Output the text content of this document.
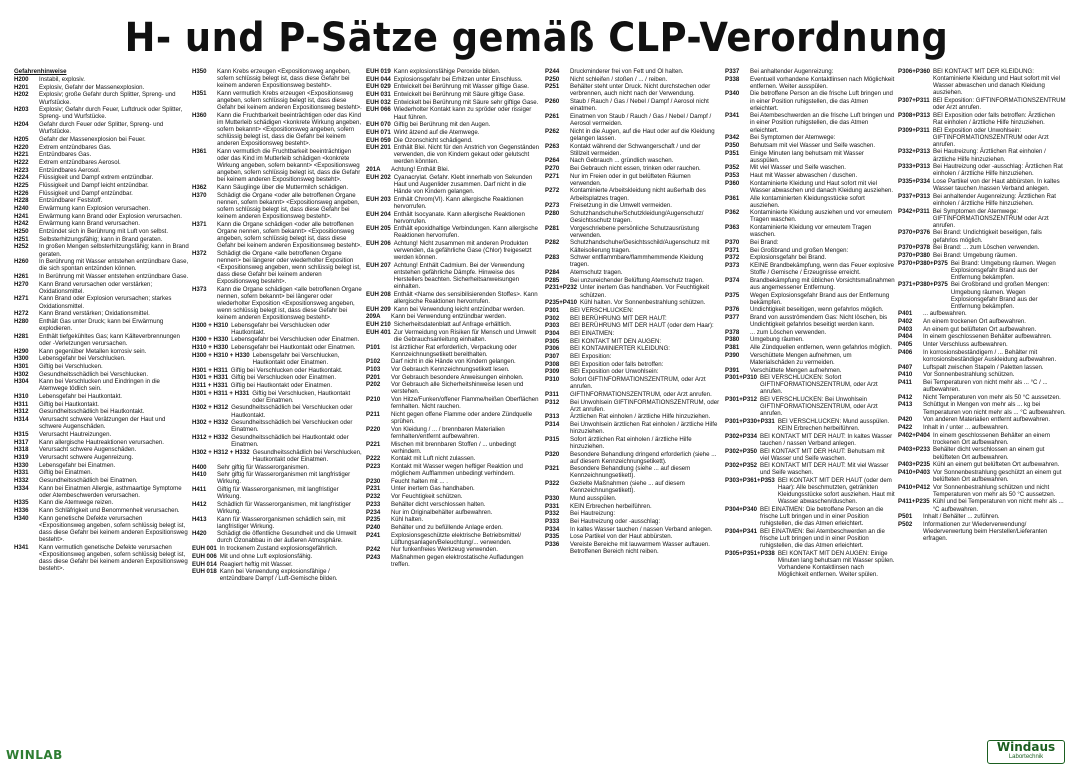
H- und P-Sätze gemäß CLP-Verordnung
Gefahrenhinweise
H200	Instabil, explosiv.
H201	Explosiv, Gefahr der Massenexplosion.
H202	Explosiv; große Gefahr durch Splitter, Spreng- und Wurfstücke.
H203	Explosiv; Gefahr durch Feuer, Luftdruck oder Splitter, Spreng- und Wurfstücke.
H204	Gefahr durch Feuer oder Splitter, Spreng- und Wurfstücke.
H205	Gefahr der Massenexplosion bei Feuer.
H220	Extrem entzündbares Gas.
H221	Entzündbares Gas.
H222	Extrem entzündbares Aerosol.
H223	Entzündbares Aerosol.
H224	Flüssigkeit und Dampf extrem entzündbar.
H225	Flüssigkeit und Dampf leicht entzündbar.
H226	Flüssigkeit und Dampf entzündbar.
H228	Entzündbarer Feststoff.
H240	Erwärmung kann Explosion verursachen.
H241	Erwärmung kann Brand oder Explosion verursachen.
H242	Erwärmung kann Brand verursachen.
H250	Entzündet sich in Berührung mit Luft von selbst.
H251	Selbsterhitzungsfähig; kann in Brand geraten.
H252	In großen Mengen selbsterhitzungsfähig; kann in Brand geraten.
H260	In Berührung mit Wasser entstehen entzündbare Gase, die sich spontan entzünden können.
H261	In Berührung mit Wasser entstehen entzündbare Gase.
H270	Kann Brand verursachen oder verstärken; Oxidationsmittel.
H271	Kann Brand oder Explosion verursachen; starkes Oxidationsmittel.
H272	Kann Brand verstärken; Oxidationsmittel.
H280	Enthält Gas unter Druck; kann bei Erwärmung explodieren.
H281	Enthält tiefgekühltes Gas; kann Kälteverbrennungen oder -Verletzungen verursachen.
H290	Kann gegenüber Metallen korrosiv sein.
H300	Lebensgefahr bei Verschlucken.
H301	Giftig bei Verschlucken.
H302	Gesundheitsschädlich bei Verschlucken.
H304	Kann bei Verschlucken und Eindringen in die Atemwege tödlich sein.
H310	Lebensgefahr bei Hautkontakt.
H311	Giftig bei Hautkontakt.
H312	Gesundheitsschädlich bei Hautkontakt.
H314	Verursacht schwere Verätzungen der Haut und schwere Augenschäden.
H315	Verursacht Hautreizungen.
H317	Kann allergische Hautreaktionen verursachen.
H318	Verursacht schwere Augenschäden.
H319	Verursacht schwere Augenreizung.
H330	Lebensgefahr bei Einatmen.
H331	Giftig bei Einatmen.
H332	Gesundheitsschädlich bei Einatmen.
H334	Kann bei Einatmen Allergie, asthmaartige Symptome oder Atembeschwerden verursachen.
H335	Kann die Atemwege reizen.
H336	Kann Schläfrigkeit und Benommenheit verursachen.
H340	Kann genetische Defekte verursachen <Expositionsweg angeben, sofern schlüssig belegt ist, dass diese Gefahr bei keinem anderen Expositionsweg besteht>.
H341	Kann vermutlich genetische Defekte verursachen <Expositionsweg angeben, sofern schlüssig belegt ist, dass diese Gefahr bei keinem anderen Expositionsweg besteht>.
H350	Kann Krebs erzeugen <Expositionsweg angeben, sofern schlüssig belegt ist, dass diese Gefahr bei keinem anderen Expositionsweg besteht>.
H351	Kann vermutlich Krebs erzeugen <Expositionsweg angeben, sofern schlüssig belegt ist, dass diese Gefahr bei keinem anderen Expositionsweg besteht>.
H360	Kann die Fruchtbarkeit beeinträchtigen oder das Kind im Mutterleib schädigen <konkrete Wirkung angeben, sofern bekannt> <Expositionsweg angeben, sofern schlüssig belegt ist, dass die Gefahr bei keinem anderen Expositionsweg besteht>.
H361	Kann vermutlich die Fruchtbarkeit beeinträchtigen oder das Kind im Mutterleib schädigen <konkrete Wirkung angeben, sofern bekannt> <Expositionsweg angeben, sofern schlüssig belegt ist, dass die Gefahr bei keinem anderen Expositionsweg besteht>.
H362	Kann Säuglinge über die Muttermilch schädigen.
H370	Schädigt die Organe <oder alle betroffenen Organe nennen, sofern bekannt> <Expositionsweg angeben, sofern schlüssig belegt ist, dass diese Gefahr bei keinem anderen Expositionsweg besteht>.
H371	Kann die Organe schädigen <oder alle betroffenen Organe nennen, sofern bekannt> <Expositionsweg angeben, sofern schlüssig belegt ist, dass diese Gefahr bei keinem anderen Expositionsweg besteht>.
H372	Schädigt die Organe <alle betroffenen Organe nennen> bei längerer oder wiederholter Exposition <Expositionsweg angeben, wenn schlüssig belegt ist, dass diese Gefahr bei keinem anderen Expositionsweg besteht>.
H373	Kann die Organe schädigen <alle betroffenen Organe nennen, sofern bekannt> bei längerer oder wiederholter Exposition <Expositionsweg angeben, wenn schlüssig belegt ist, dass diese Gefahr bei keinem anderen Expositionsweg besteht>.
H300 + H310 Lebensgefahr bei Verschlucken oder Hautkontakt.
H300 + H330 Lebensgefahr bei Verschlucken oder Einatmen.
H310 + H330 Lebensgefahr bei Hautkontakt oder Einatmen.
H300 + H310 + H330 Lebensgefahr bei Verschlucken, Hautkontakt oder Einatmen.
H301 + H311 Giftig bei Verschlucken oder Hautkontakt.
H301 + H331 Giftig bei Verschlucken oder Einatmen.
H311 + H331 Giftig bei Hautkontakt oder Einatmen.
H301 + H311 + H331 Giftig bei Verschlucken, Hautkontakt oder Einatmen.
H302 + H312 Gesundheitsschädlich bei Verschlucken oder Hautkontakt.
H302 + H332 Gesundheitsschädlich bei Verschlucken oder Einatmen.
H312 + H332 Gesundheitsschädlich bei Hautkontakt oder Einatmen.
H302 + H312 + H332 Gesundheitsschädlich bei Verschlucken, Hautkontakt oder Einatmen.
H400	Sehr giftig für Wasserorganismen.
H410	Sehr giftig für Wasserorganismen mit langfristiger Wirkung.
H411	Giftig für Wasserorganismen, mit langfristiger Wirkung.
H412	Schädlich für Wasserorganismen, mit langfristiger Wirkung.
H413	Kann für Wasserorganismen schädlich sein, mit langfristiger Wirkung.
H420	Schädigt die öffentliche Gesundheit und die Umwelt durch Ozonabbau in der äußeren Atmosphäre.
EUH 001 In trockenem Zustand explosionsgefährlich.
EUH 006 Mit und ohne Luft explosionsfähig.
EUH 014 Reagiert heftig mit Wasser.
EUH 018 Kann bei Verwendung explosionsfähige / entzündbare Dampf / Luft-Gemische bilden.
EUH 019 Kann explosionsfähige Peroxide bilden.
EUH 044 Explosionsgefahr bei Erhitzen unter Einschluss.
EUH 029 Entwickelt bei Berührung mit Wasser giftige Gase.
EUH 031 Entwickelt bei Berührung mit Säure giftige Gase.
EUH 032 Entwickelt bei Berührung mit Säure sehr giftige Gase.
EUH 066 Wiederholter Kontakt kann zu spröder oder rissiger Haut führen.
EUH 070 Giftig bei Berührung mit den Augen.
EUH 071 Wirkt ätzend auf die Atemwege.
EUH 059 Die Ozonschicht schädigend.
EUH 201 Enthält Blei. Nicht für den Anstrich von Gegenständen verwenden, die von Kindern gekaut oder gelutscht werden könnten.
201A	Achtung! Enthält Blei.
EUH 202 Cyanacrylat. Gefahr. Klebt innerhalb von Sekunden Haut und Augenlider zusammen. Darf nicht in die Hände von Kindern gelangen.
EUH 203 Enthält Chrom(VI). Kann allergische Reaktionen hervorrufen.
EUH 204 Enthält Isocyanate. Kann allergische Reaktionen hervorrufen.
EUH 205 Enthält epoxidhaltige Verbindungen. Kann allergische Reaktionen hervorrufen.
EUH 206 Achtung! Nicht zusammen mit anderen Produkten verwenden, da gefährliche Gase (Chlor) freigesetzt werden können.
EUH 207 Achtung! Enthält Cadmium. Bei der Verwendung entstehen gefährliche Dämpfe. Hinweise des Herstellers beachten. Sicherheitsanweisungen einhalten.
EUH 208 Enthält <Name des sensibilisierenden Stoffes>. Kann allergische Reaktionen hervorrufen.
EUH 209 Kann bei Verwendung leicht entzündbar werden.
209A	Kann bei Verwendung entzündbar werden.
EUH 210 Sicherheitsdatenblatt auf Anfrage erhältlich.
EUH 401 Zur Vermeidung von Risiken für Mensch und Umwelt die Gebrauchsanleitung einhalten.
P101	Ist ärztlicher Rat erforderlich, Verpackung oder Kennzeichnungsetikett bereithalten.
P102	Darf nicht in die Hände von Kindern gelangen.
P103	Vor Gebrauch Kennzeichnungsetikett lesen.
P201	Vor Gebrauch besondere Anweisungen einholen.
P202	Vor Gebrauch alle Sicherheitshinweise lesen und verstehen.
P210	Von Hitze/Funken/offener Flamme/heißen Oberflächen fernhalten. Nicht rauchen.
P211	Nicht gegen offene Flamme oder andere Zündquelle sprühen.
P220	Von Kleidung / ... / brennbaren Materialien fernhalten/entfernt aufbewahren.
P221	Mischen mit brennbaren Stoffen / ... unbedingt verhindern.
P222	Kontakt mit Luft nicht zulassen.
P223	Kontakt mit Wasser wegen heftiger Reaktion und möglichem Aufflammen unbedingt verhindern.
P230	Feucht halten mit ... .
P231	Unter inertem Gas handhaben.
P232	Vor Feuchtigkeit schützen.
P233	Behälter dicht verschlossen halten.
P234	Nur im Originalbehälter aufbewahren.
P235	Kühl halten.
P240	Behälter und zu befüllende Anlage erden.
P241	Explosionsgeschützte elektrische Betriebsmittel/ Lüftungsanlagen/Beleuchtung/... verwenden.
P242	Nur funkenfreies Werkzeug verwenden.
P243	Maßnahmen gegen elektrostatische Aufladungen treffen.
P244	Druckminderer frei von Fett und Öl halten.
P250	Nicht schleifen / stoßen / ... / reiben.
P251	Behälter steht unter Druck. Nicht durchstechen oder verbrennen, auch nicht nach der Verwendung.
P260	Staub / Rauch / Gas / Nebel / Dampf / Aerosol nicht einatmen.
P261	Einatmen von Staub / Rauch / Gas / Nebel / Dampf / Aerosol vermeiden.
P262	Nicht in die Augen, auf die Haut oder auf die Kleidung gelangen lassen.
P263	Kontakt während der Schwangerschaft / und der Stillzeit vermeiden.
P264	Nach Gebrauch ... gründlich waschen.
P270	Bei Gebrauch nicht essen, trinken oder rauchen.
P271	Nur im Freien oder in gut belüfteten Räumen verwenden.
P272	Kontaminierte Arbeitskleidung nicht außerhalb des Arbeitsplatzes tragen.
P273	Freisetzung in die Umwelt vermeiden.
P280	Schutzhandschuhe/Schutzkleidung/Augenschutz/ Gesichtsschutz tragen.
P281	Vorgeschriebene persönliche Schutzausrüstung verwenden.
P282	Schutzhandschuhe/Gesichtsschild/Augenschutz mit Kälteisolierung tragen.
P283	Schwer entflammbare/flammhemmende Kleidung tragen.
P284	Atemschutz tragen.
P285	Bei unzureichender Belüftung Atemschutz tragen.
P231+P232 Unter inertem Gas handhaben. Vor Feuchtigkeit schützen.
P235+P410 Kühl halten. Vor Sonnenbestrahlung schützen.
P301	BEI VERSCHLUCKEN:
P302	BEI BERÜHRUNG MIT DER HAUT:
P303	BEI BERÜHRUNG MIT DER HAUT (oder dem Haar):
P304	BEI EINATMEN:
P305	BEI KONTAKT MIT DEN AUGEN:
P306	BEI KONTAMINIERTER KLEIDUNG:
P307	BEI Exposition:
P308	BEI Exposition oder falls betroffen:
P309	BEI Exposition oder Unwohlsein:
P310	Sofort GIFTINFORMATIONSZENTRUM, oder Arzt anrufen.
P311	GIFTINFORMATIONSZENTRUM, oder Arzt anrufen.
P312	Bei Unwohlsein GIFTINFORMATIONSZENTRUM, oder Arzt anrufen.
P313	Ärztlichen Rat einholen / ärztliche Hilfe hinzuziehen.
P314	Bei Unwohlsein ärztlichen Rat einholen / ärztliche Hilfe hinzuziehen.
P315	Sofort ärztlichen Rat einholen / ärztliche Hilfe hinzuziehen.
P320	Besondere Behandlung dringend erforderlich (siehe ... auf diesem Kennzeichnungsetikett).
P321	Besondere Behandlung (siehe ... auf diesem Kennzeichnungsetikett).
P322	Gezielte Maßnahmen (siehe ... auf diesem Kennzeichnungsetikett).
P330	Mund ausspülen.
P331	KEIN Erbrechen herbeiführen.
P332	Bei Hautreizung:
P333	Bei Hautreizung oder -ausschlag:
P334	In kaltes Wasser tauchen / nassen Verband anlegen.
P335	Lose Partikel von der Haut abbürsten.
P336	Vereiste Bereiche mit lauwarmem Wasser auftauen. Betroffenen Bereich nicht reiben.
P337	Bei anhaltender Augenreizung:
P338	Eventuell vorhandene Kontaktlinsen nach Möglichkeit entfernen. Weiter ausspülen.
P340	Die betroffene Person an die frische Luft bringen und in einer Position ruhigstellen, die das Atmen erleichtert.
P341	Bei Atembeschwerden an die frische Luft bringen und in einer Position ruhigstellen, die das Atmen erleichtert.
P342	Bei Symptomen der Atemwege:
P350	Behutsam mit viel Wasser und Seife waschen.
P351	Einige Minuten lang behutsam mit Wasser ausspülen.
P352	Mit viel Wasser und Seife waschen.
P353	Haut mit Wasser abwaschen / duschen.
P360	Kontaminierte Kleidung und Haut sofort mit viel Wasser abwaschen und danach Kleidung ausziehen.
P361	Alle kontaminierten Kleidungsstücke sofort ausziehen.
P362	Kontaminierte Kleidung ausziehen und vor erneutem Tragen waschen.
P363	Kontaminierte Kleidung vor erneutem Tragen waschen.
P370	Bei Brand:
P371	Bei Großbrand und großen Mengen:
P372	Explosionsgefahr bei Brand.
P373	KEINE Brandbekämpfung, wenn das Feuer explosive Stoffe / Gemische / Erzeugnisse erreicht.
P374	Brandbekämpfung mit üblichen Vorsichtsmaßnahmen aus angemessener Entfernung.
P375	Wegen Explosionsgefahr Brand aus der Entfernung bekämpfen.
P376	Undichtigkeit beseitigen, wenn gefahrlos möglich.
P377	Brand von ausströmendem Gas: Nicht löschen, bis Undichtigkeit gefahrlos beseitigt werden kann.
P378	... zum Löschen verwenden.
P380	Umgebung räumen.
P381	Alle Zündquellen entfernen, wenn gefahrlos möglich.
P390	Verschüttete Mengen aufnehmen, um Materialschäden zu vermeiden.
P391	Verschüttete Mengen aufnehmen.
P301+P310 BEI VERSCHLUCKEN: Sofort GIFTINFORMATIONSZENTRUM, oder Arzt anrufen.
P301+P312 BEI VERSCHLUCKEN: Bei Unwohlsein GIFTINFORMATIONSZENTRUM, oder Arzt anrufen.
P301+P330+P331 BEI VERSCHLUCKEN: Mund ausspülen. KEIN Erbrechen herbeiführen.
P302+P334 BEI KONTAKT MIT DER HAUT: In kaltes Wasser tauchen / nassen Verband anlegen.
P302+P350 BEI KONTAKT MIT DER HAUT: Behutsam mit viel Wasser und Seife waschen.
P302+P352 BEI KONTAKT MIT DER HAUT: Mit viel Wasser und Seife waschen.
P303+P361+P353 BEI KONTAKT MIT DER HAUT (oder dem Haar): Alle beschmutzten, getränkten Kleidungsstücke sofort ausziehen. Haut mit Wasser abwaschen/duschen.
P304+P340 BEI EINATMEN: Die betroffene Person an die frische Luft bringen und in einer Position ruhigstellen, die das Atmen erleichtert.
P304+P341 BEI EINATMEN: Bei Atembeschwerden an die frische Luft bringen und in einer Position ruhigstellen, die das Atmen erleichtert.
P305+P351+P338 BEI KONTAKT MIT DEN AUGEN: Einige Minuten lang behutsam mit Wasser spülen. Vorhandene Kontaktlinsen nach Möglichkeit entfernen. Weiter spülen.
P306+P360 BEI KONTAKT MIT DER KLEIDUNG: Kontaminierte Kleidung und Haut sofort mit viel Wasser abwaschen und danach Kleidung ausziehen.
P307+P311 BEI Exposition: GIFTINFORMATIONSZENTRUM oder Arzt anrufen.
P308+P313 BEI Exposition oder falls betroffen: Ärztlichen Rat einholen / ärztliche Hilfe hinzuziehen.
P309+P311 BEI Exposition oder Unwohlsein: GIFTINFORMATIONSZENTRUM oder Arzt anrufen.
P332+P313 Bei Hautreizung: Ärztlichen Rat einholen / ärztliche Hilfe hinzuziehen.
P333+P313 Bei Hautreizung oder -ausschlag: Ärztlichen Rat einholen / ärztliche Hilfe hinzuziehen.
P335+P334 Lose Partikel von der Haut abbürsten. In kaltes Wasser tauchen /nassen Verband anlegen.
P337+P313 Bei anhaltender Augenreizung: Ärztlichen Rat einholen / ärztliche Hilfe hinzuziehen.
P342+P311 Bei Symptomen der Atemwege: GIFTINFORMATIONSZENTRUM oder Arzt anrufen.
P370+P376 Bei Brand: Undichtigkeit beseitigen, falls gefahrlos möglich.
P370+P378 Bei Brand: ... zum Löschen verwenden.
P370+P380 Bei Brand: Umgebung räumen.
P370+P380+P375 Bei Brand: Umgebung räumen. Wegen Explosionsgefahr Brand aus der Entfernung bekämpfen.
P371+P380+P375 Bei Großbrand und großen Mengen: Umgebung räumen. Wegen Explosionsgefahr Brand aus der Entfernung bekämpfen.
P401	... aufbewahren.
P402	An einem trockenen Ort aufbewahren.
P403	An einem gut belüfteten Ort aufbewahren.
P404	In einem geschlossenen Behälter aufbewahren.
P405	Unter Verschluss aufbewahren.
P406	In korrosionsbeständigem / ... Behälter mit korrosionsbeständiger Auskleidung aufbewahren.
P407	Luftspalt zwischen Stapeln / Paletten lassen.
P410	Vor Sonnenbestrahlung schützen.
P411	Bei Temperaturen von nicht mehr als ... °C / ... aufbewahren.
P412	Nicht Temperaturen von mehr als 50 °C aussetzen.
P413	Schüttgut in Mengen von mehr als ... kg bei Temperaturen von nicht mehr als ... °C aufbewahren.
P420	Von anderen Materialien entfernt aufbewahren.
P422	Inhalt in / unter ... aufbewahren.
P402+P404 In einem geschlossenen Behälter an einem trockenen Ort aufbewahren.
P403+P233 Behälter dicht verschlossen an einem gut belüfteten Ort aufbewahren.
P403+P235 Kühl an einem gut belüfteten Ort aufbewahren.
P410+P403 Vor Sonnenbestrahlung geschützt an einem gut belüfteten Ort aufbewahren.
P410+P412 Vor Sonnenbestrahlung schützen und nicht Temperaturen von mehr als 50 °C aussetzen.
P411+P235 Kühl und bei Temperaturen von nicht mehr als ... °C aufbewahren.
P501	Inhalt / Behälter ... zuführen.
P502	Informationen zur Wiederverwendung/ Wiederverwertung beim Hersteller/Lieferanten erfragen.
WINLAB
Windaus
Labortechnik
